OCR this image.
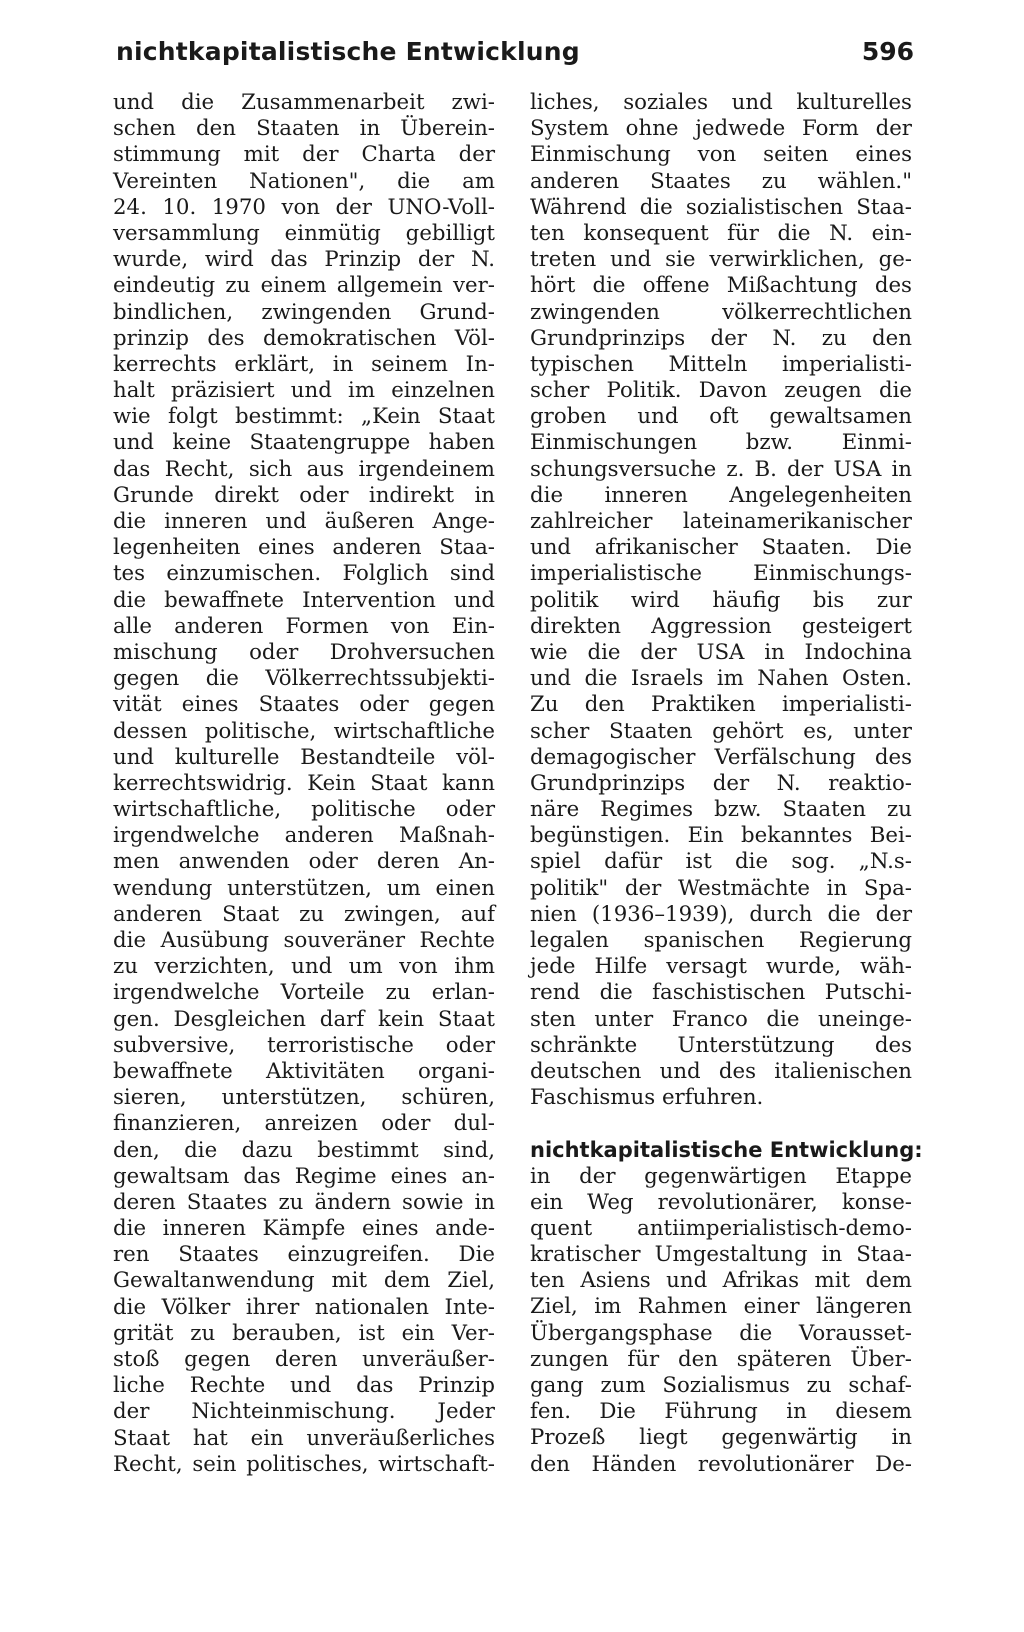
nichtkapitalistische Entwicklung	596
und die Zusammenarbeit zwi-
schen den Staaten in Überein-
stimmung mit der Charta der
Vereinten Nationen", die am
24. 10. 1970 von der UNO-Voll-
versammlung einmütig gebilligt
wurde, wird das Prinzip der N.
eindeutig zu einem allgemein ver-
bindlichen, zwingenden Grund-
prinzip des demokratischen Völ-
kerrechts erklärt, in seinem In-
halt präzisiert und im einzelnen
wie folgt bestimmt: „Kein Staat
und keine Staatengruppe haben
das Recht, sich aus irgendeinem
Grunde direkt oder indirekt in
die inneren und äußeren Ange-
legenheiten eines anderen Staa-
tes einzumischen. Folglich sind
die bewaffnete Intervention und
alle anderen Formen von Ein-
mischung oder Drohversuchen
gegen die Völkerrechtssubjekti-
vität eines Staates oder gegen
dessen politische, wirtschaftliche
und kulturelle Bestandteile völ-
kerrechtswidrig. Kein Staat kann
wirtschaftliche, politische oder
irgendwelche anderen Maßnah-
men anwenden oder deren An-
wendung unterstützen, um einen
anderen Staat zu zwingen, auf
die Ausübung souveräner Rechte
zu verzichten, und um von ihm
irgendwelche Vorteile zu erlan-
gen. Desgleichen darf kein Staat
subversive, terroristische oder
bewaffnete Aktivitäten organi-
sieren, unterstützen, schüren,
finanzieren, anreizen oder dul-
den, die dazu bestimmt sind,
gewaltsam das Regime eines an-
deren Staates zu ändern sowie in
die inneren Kämpfe eines ande-
ren Staates einzugreifen. Die
Gewaltanwendung mit dem Ziel,
die Völker ihrer nationalen Inte-
grität zu berauben, ist ein Ver-
stoß gegen deren unveräußer-
liche Rechte und das Prinzip
der Nichteinmischung. Jeder
Staat hat ein unveräußerliches
Recht, sein politisches, wirtschaft-
liches, soziales und kulturelles
System ohne jedwede Form der
Einmischung von seiten eines
anderen Staates zu wählen."
Während die sozialistischen Staa-
ten konsequent für die N. ein-
treten und sie verwirklichen, ge-
hört die offene Mißachtung des
zwingenden völkerrechtlichen
Grundprinzips der N. zu den
typischen Mitteln imperialisti-
scher Politik. Davon zeugen die
groben und oft gewaltsamen
Einmischungen bzw. Einmi-
schungsversuche z. B. der USA in
die inneren Angelegenheiten
zahlreicher lateinamerikanischer
und afrikanischer Staaten. Die
imperialistische Einmischungs-
politik wird häufig bis zur
direkten Aggression gesteigert
wie die der USA in Indochina
und die Israels im Nahen Osten.
Zu den Praktiken imperialisti-
scher Staaten gehört es, unter
demagogischer Verfälschung des
Grundprinzips der N. reaktio-
näre Regimes bzw. Staaten zu
begünstigen. Ein bekanntes Bei-
spiel dafür ist die sog. „N.s-
politik" der Westmächte in Spa-
nien (1936–1939), durch die der
legalen spanischen Regierung
jede Hilfe versagt wurde, wäh-
rend die faschistischen Putschi-
sten unter Franco die uneinge-
schränkte Unterstützung des
deutschen und des italienischen
Faschismus erfuhren.
nichtkapitalistische Entwicklung:
in der gegenwärtigen Etappe
ein Weg revolutionärer, konse-
quent antiimperialistisch-demo-
kratischer Umgestaltung in Staa-
ten Asiens und Afrikas mit dem
Ziel, im Rahmen einer längeren
Übergangsphase die Vorausset-
zungen für den späteren Über-
gang zum Sozialismus zu schaf-
fen. Die Führung in diesem
Prozeß liegt gegenwärtig in
den Händen revolutionärer De-
